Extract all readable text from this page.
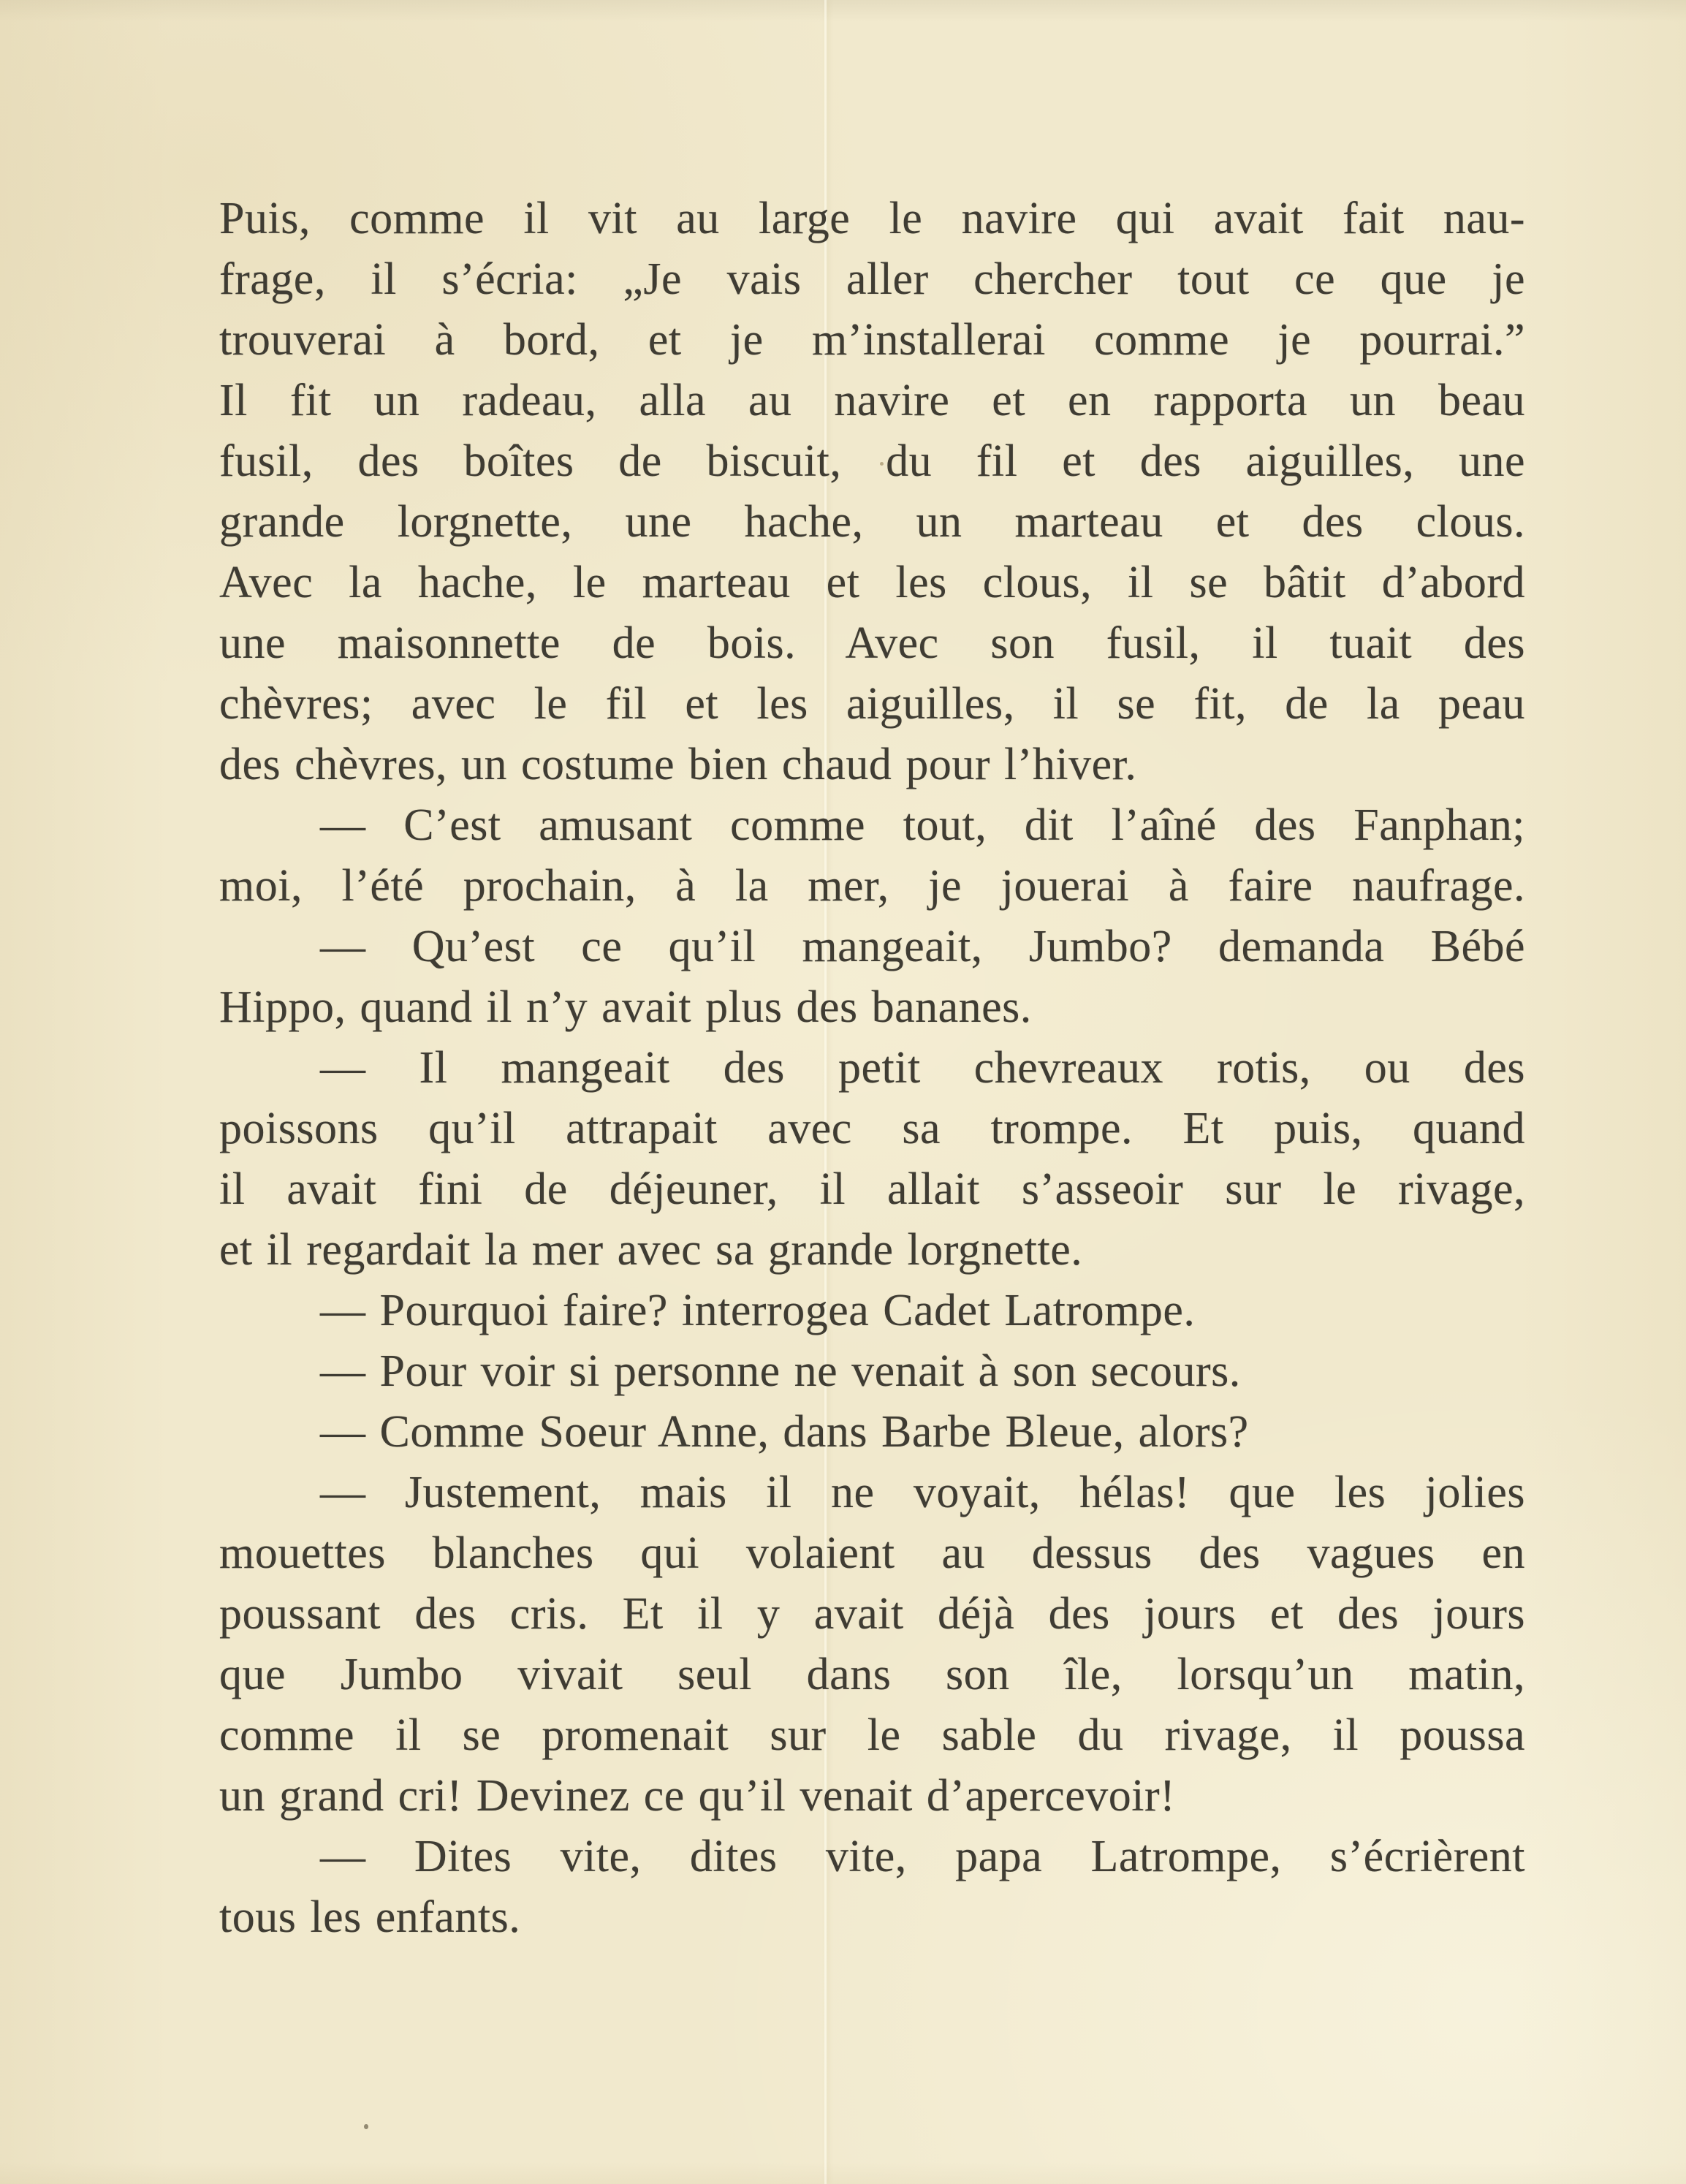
Puis, comme il vit au large le navire qui avait fait nau-
frage, il s’écria: „Je vais aller chercher tout ce que je
trouverai à bord, et je m’installerai comme je pourrai.”
Il fit un radeau, alla au navire et en rapporta un beau
fusil, des boîtes de biscuit, du fil et des aiguilles, une
grande lorgnette, une hache, un marteau et des clous.
Avec la hache, le marteau et les clous, il se bâtit d’abord
une maisonnette de bois. Avec son fusil, il tuait des
chèvres; avec le fil et les aiguilles, il se fit, de la peau
des chèvres, un costume bien chaud pour l’hiver.
— C’est amusant comme tout, dit l’aîné des Fanphan;
moi, l’été prochain, à la mer, je jouerai à faire naufrage.
— Qu’est ce qu’il mangeait, Jumbo? demanda Bébé
Hippo, quand il n’y avait plus des bananes.
— Il mangeait des petit chevreaux rotis, ou des
poissons qu’il attrapait avec sa trompe. Et puis, quand
il avait fini de déjeuner, il allait s’asseoir sur le rivage,
et il regardait la mer avec sa grande lorgnette.
— Pourquoi faire? interrogea Cadet Latrompe.
— Pour voir si personne ne venait à son secours.
— Comme Soeur Anne, dans Barbe Bleue, alors?
— Justement, mais il ne voyait, hélas! que les jolies
mouettes blanches qui volaient au dessus des vagues en
poussant des cris. Et il y avait déjà des jours et des jours
que Jumbo vivait seul dans son île, lorsqu’un matin,
comme il se promenait sur le sable du rivage, il poussa
un grand cri! Devinez ce qu’il venait d’apercevoir!
— Dites vite, dites vite, papa Latrompe, s’écrièrent
tous les enfants.
